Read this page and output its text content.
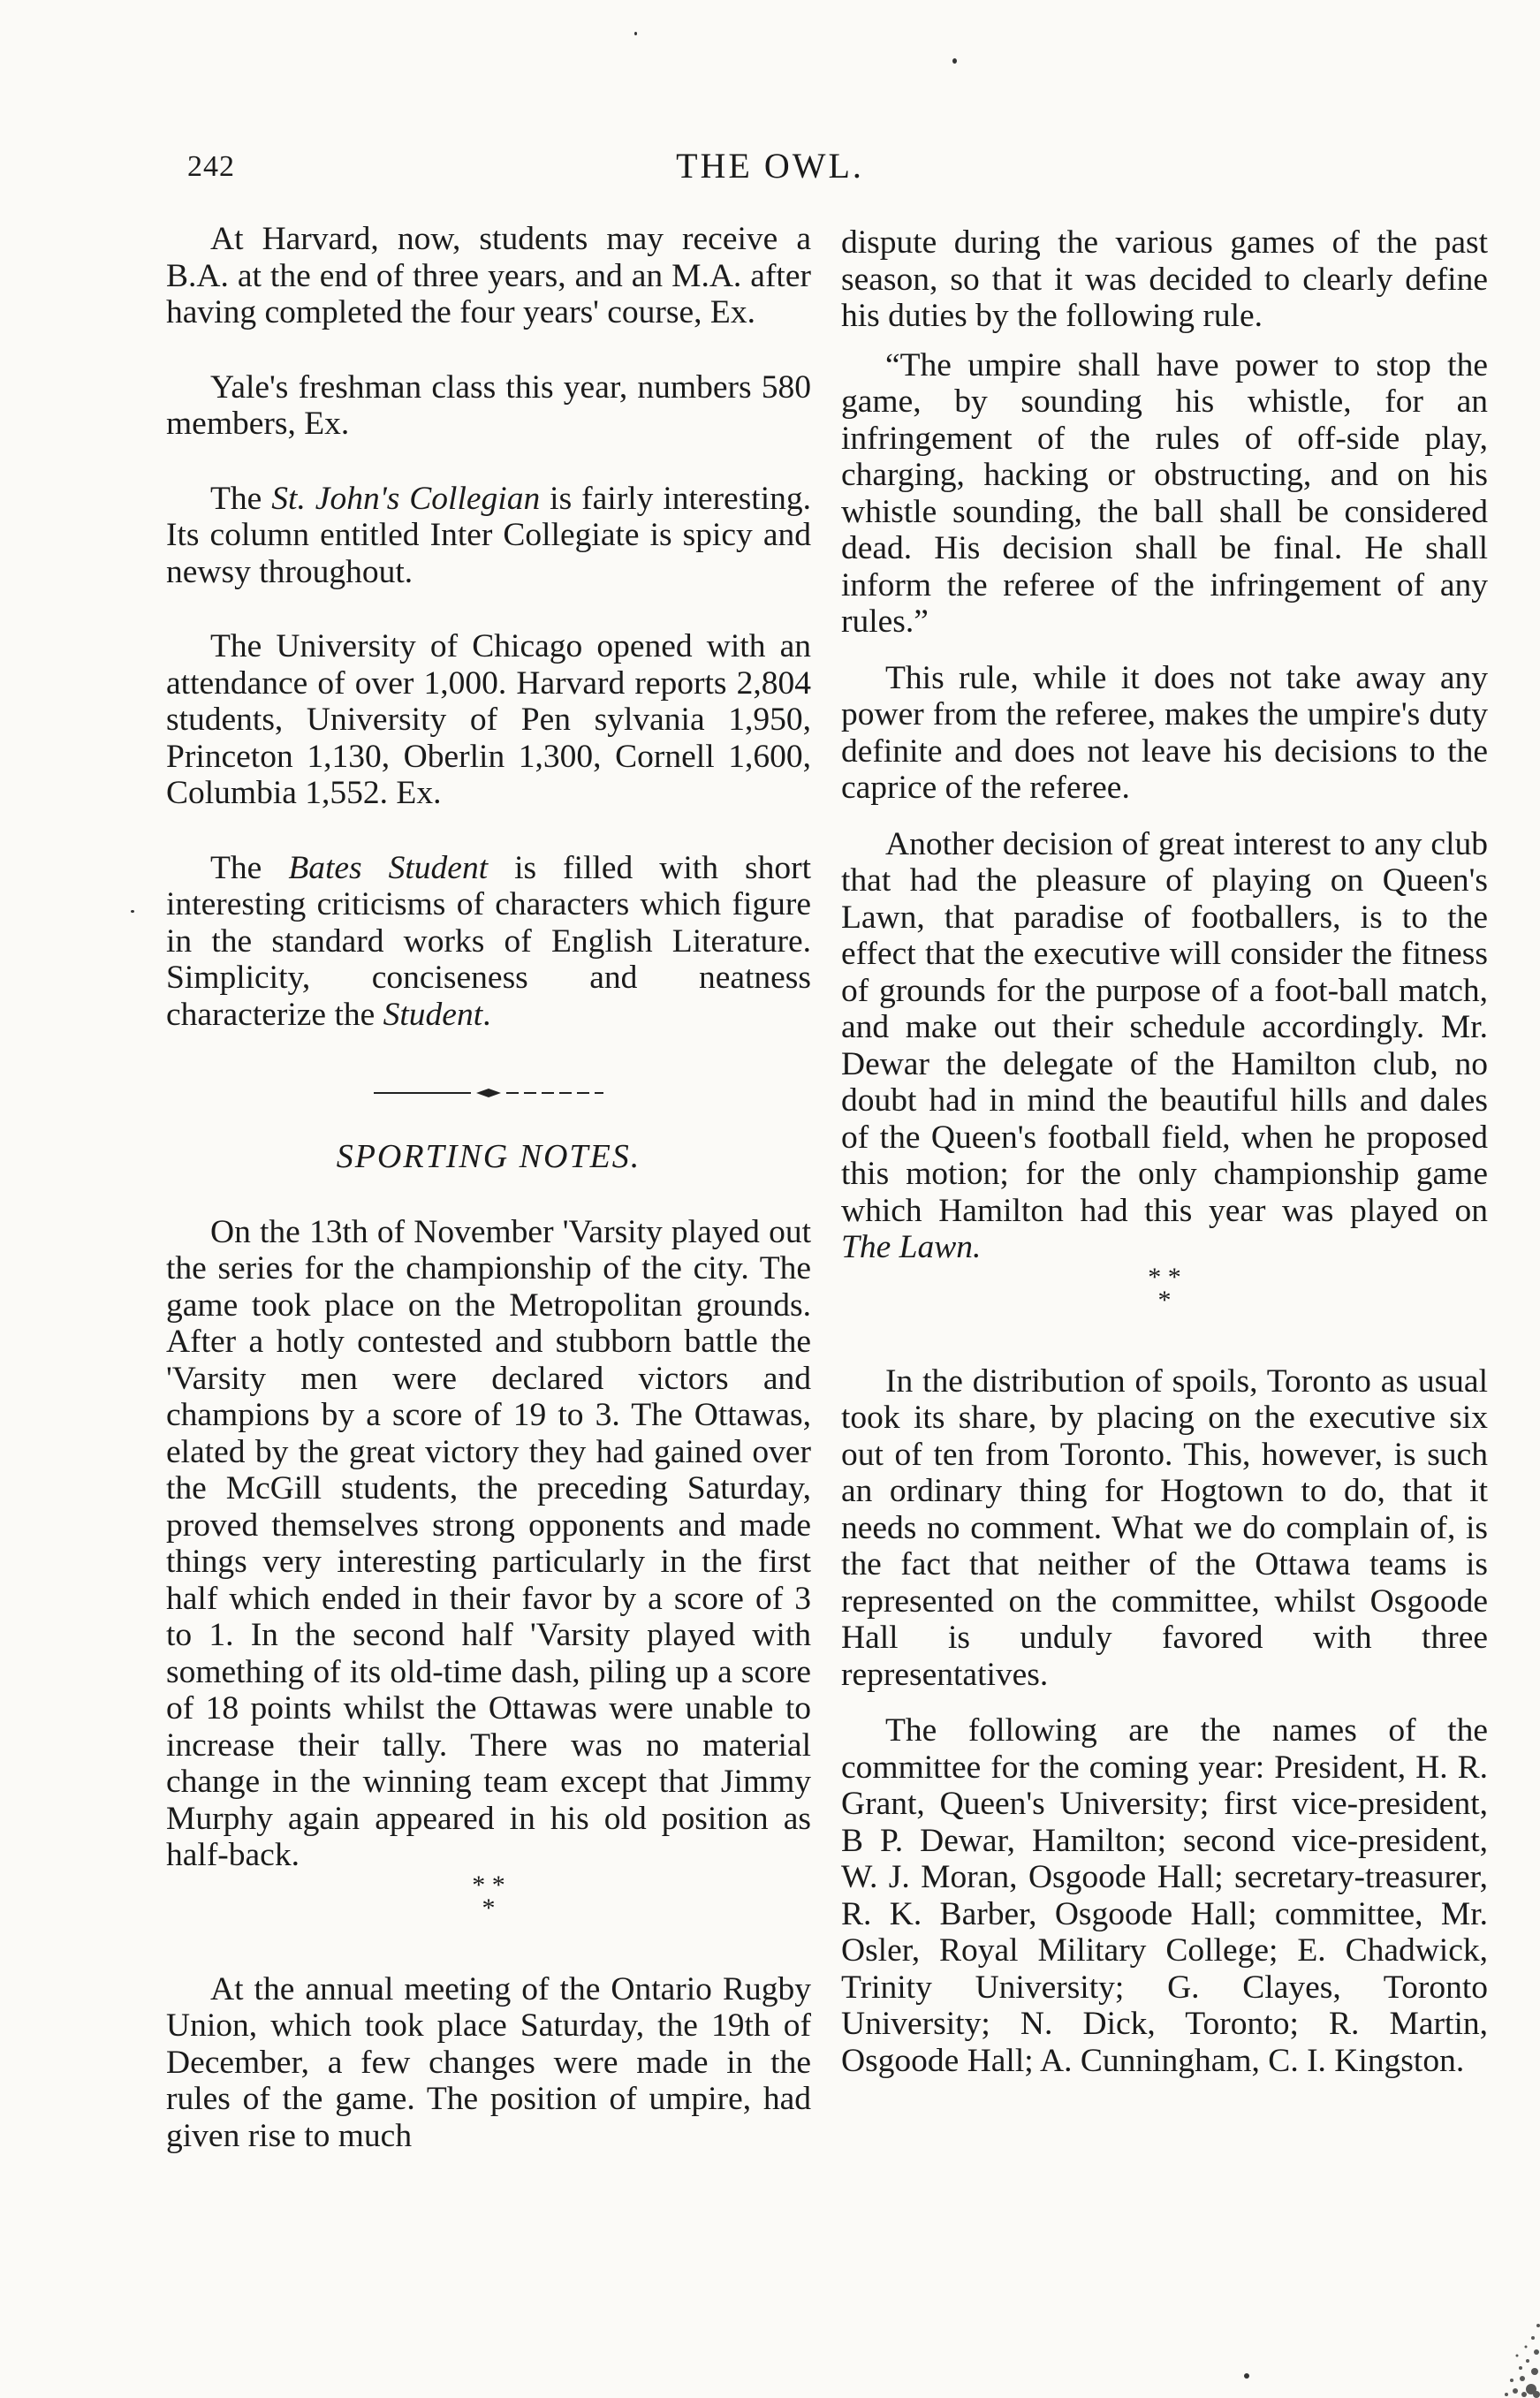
242	THE OWL.

At Harvard, now, students may receive a B.A. at the end of three years, and an M.A. after having completed the four years' course, Ex.

Yale's freshman class this year, numbers 580 members, Ex.

The St. John's Collegian is fairly interesting. Its column entitled Inter Collegiate is spicy and newsy throughout.

The University of Chicago opened with an attendance of over 1,000. Harvard reports 2,804 students, University of Pen sylvania 1,950, Princeton 1,130, Oberlin 1,300, Cornell 1,600, Columbia 1,552. Ex.

The Bates Student is filled with short interesting criticisms of characters which figure in the standard works of English Literature. Simplicity, conciseness and neatness characterize the Student.

SPORTING NOTES.

On the 13th of November 'Varsity played out the series for the championship of the city. The game took place on the Metropolitan grounds. After a hotly contested and stubborn battle the 'Varsity men were declared victors and champions by a score of 19 to 3. The Ottawas, elated by the great victory they had gained over the McGill students, the preceding Saturday, proved themselves strong opponents and made things very interesting particularly in the first half which ended in their favor by a score of 3 to 1. In the second half 'Varsity played with something of its old-time dash, piling up a score of 18 points whilst the Ottawas were unable to increase their tally. There was no material change in the winning team except that Jimmy Murphy again appeared in his old position as half-back.

* *
*

At the annual meeting of the Ontario Rugby Union, which took place Saturday, the 19th of December, a few changes were made in the rules of the game. The position of umpire, had given rise to much

dispute during the various games of the past season, so that it was decided to clearly define his duties by the following rule.

“The umpire shall have power to stop the game, by sounding his whistle, for an infringement of the rules of off-side play, charging, hacking or obstructing, and on his whistle sounding, the ball shall be considered dead. His decision shall be final. He shall inform the referee of the infringement of any rules.”

This rule, while it does not take away any power from the referee, makes the umpire's duty definite and does not leave his decisions to the caprice of the referee.

Another decision of great interest to any club that had the pleasure of playing on Queen's Lawn, that paradise of footballers, is to the effect that the executive will consider the fitness of grounds for the purpose of a foot-ball match, and make out their schedule accordingly. Mr. Dewar the delegate of the Hamilton club, no doubt had in mind the beautiful hills and dales of the Queen's football field, when he proposed this motion; for the only championship game which Hamilton had this year was played on The Lawn.

* *
*

In the distribution of spoils, Toronto as usual took its share, by placing on the executive six out of ten from Toronto. This, however, is such an ordinary thing for Hogtown to do, that it needs no comment. What we do complain of, is the fact that neither of the Ottawa teams is represented on the committee, whilst Osgoode Hall is unduly favored with three representatives.

The following are the names of the committee for the coming year: President, H. R. Grant, Queen's University; first vice-president, B P. Dewar, Hamilton; second vice-president, W. J. Moran, Osgoode Hall; secretary-treasurer, R. K. Barber, Osgoode Hall; committee, Mr. Osler, Royal Military College; E. Chadwick, Trinity University; G. Clayes, Toronto University; N. Dick, Toronto; R. Martin, Osgoode Hall; A. Cunningham, C. I. Kingston.
